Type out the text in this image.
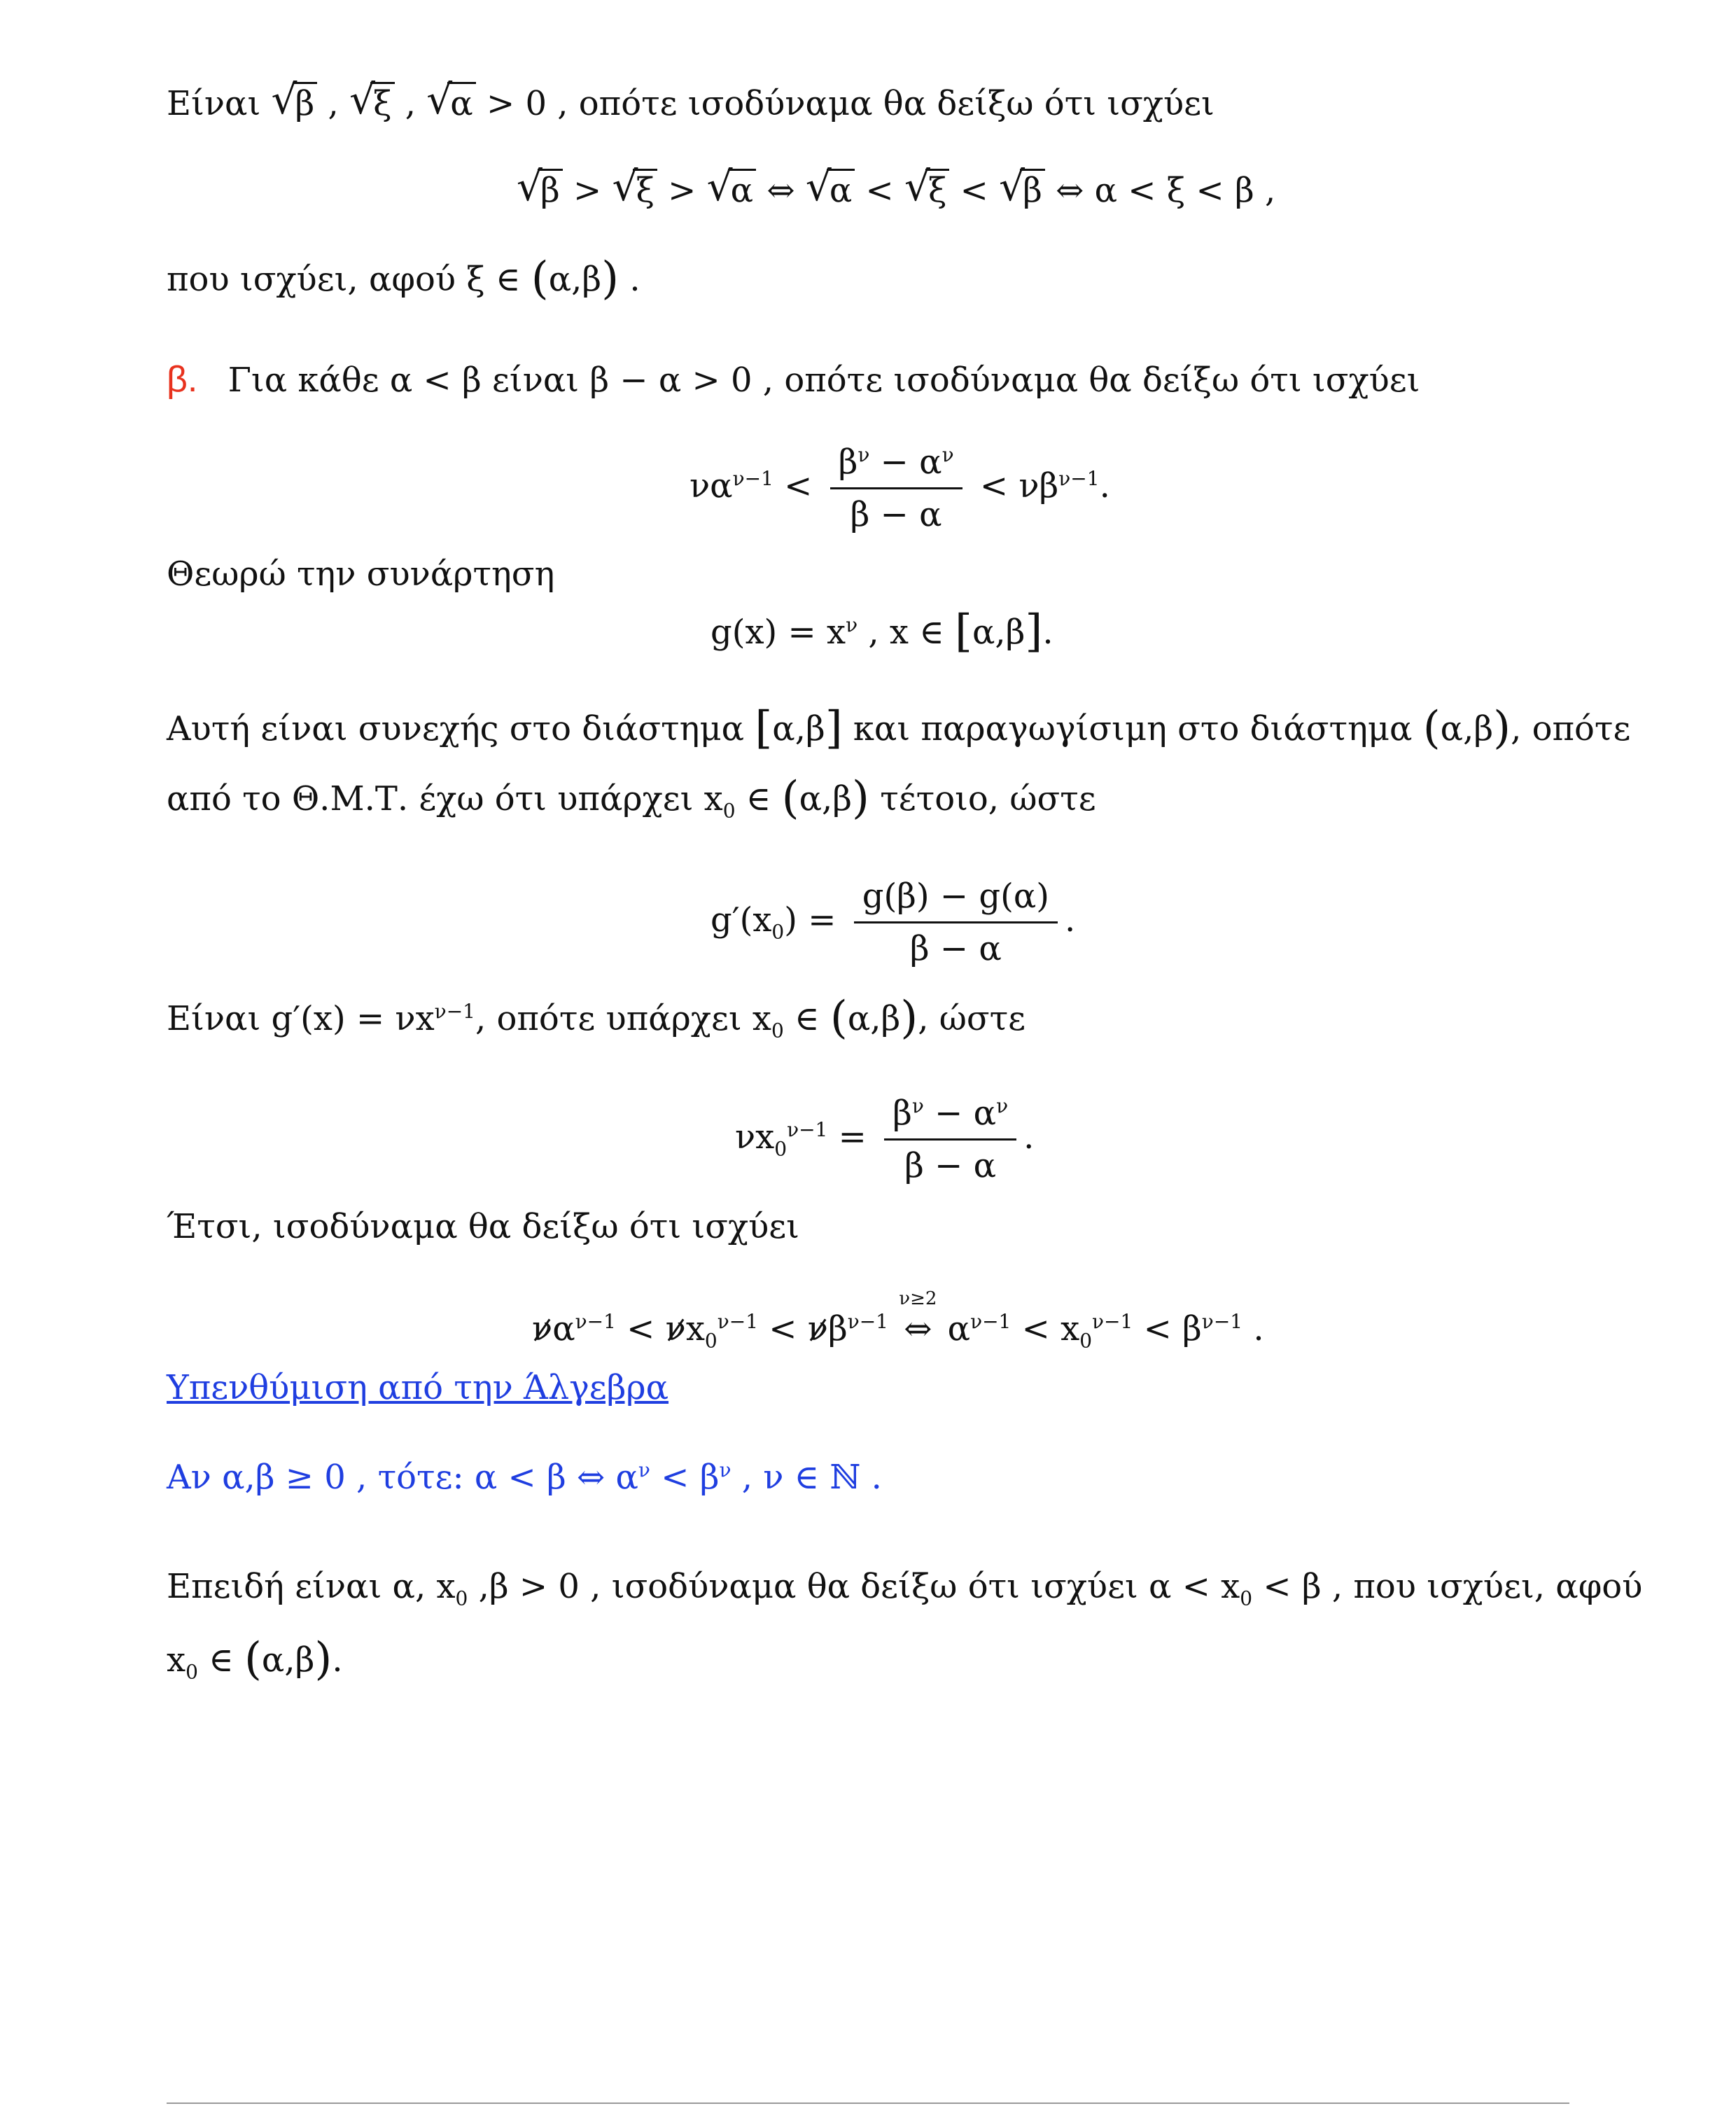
Είναι √ β , √ ξ , √ α > 0 , οπότε ισοδύναμα θα δείξω ότι ισχύει
√ β > √ ξ > √ α ⇔ √ α < √ ξ < √ β ⇔ α < ξ < β ,
που ισχύει, αφού ξ ∈ (α,β) .
β. Για κάθε α < β είναι β − α > 0 , οπότε ισοδύναμα θα δείξω ότι ισχύει
$\nu\alpha^{\nu-1} < \frac{\beta^\nu - \alpha^\nu}{\beta - \alpha} < \nu\beta^{\nu-1}$.
Θεωρώ την συνάρτηση
$g(x) = x^\nu$ , x ∈ [α,β].
Αυτή είναι συνεχής στο διάστημα [α,β] και παραγωγίσιμη στο διάστημα (α,β), οπότε
από το Θ.Μ.Τ. έχω ότι υπάρχει $x_0$ ∈ (α,β) τέτοιο, ώστε
$g'(x_0) = \frac{g(\beta) - g(\alpha)}{\beta - \alpha}$ .
Είναι $g'(x) = \nu x^{\nu-1}$, οπότε υπάρχει $x_0$ ∈ (α,β), ώστε
$\nu x_0^{\nu-1} = \frac{\beta^\nu - \alpha^\nu}{\beta - \alpha}$ .
Έτσι, ισοδύναμα θα δείξω ότι ισχύει
$\nu\alpha^{\nu-1} < \nu x_0^{\nu-1} < \nu\beta^{\nu-1}$
ν≥2
⇔ $\alpha^{\nu-1} < x_0^{\nu-1} < \beta^{\nu-1}$ .
Υπενθύμιση από την Άλγεβρα
Αν α,β ≥ 0 , τότε: α < β ⇔ $\alpha^\nu < \beta^\nu$ , ν ∈ ℕ .
Επειδή είναι α, $x_0$ ,β > 0 , ισοδύναμα θα δείξω ότι ισχύει $\alpha < x_0 < \beta$ , που ισχύει, αφού
$x_0$ ∈ (α,β).
